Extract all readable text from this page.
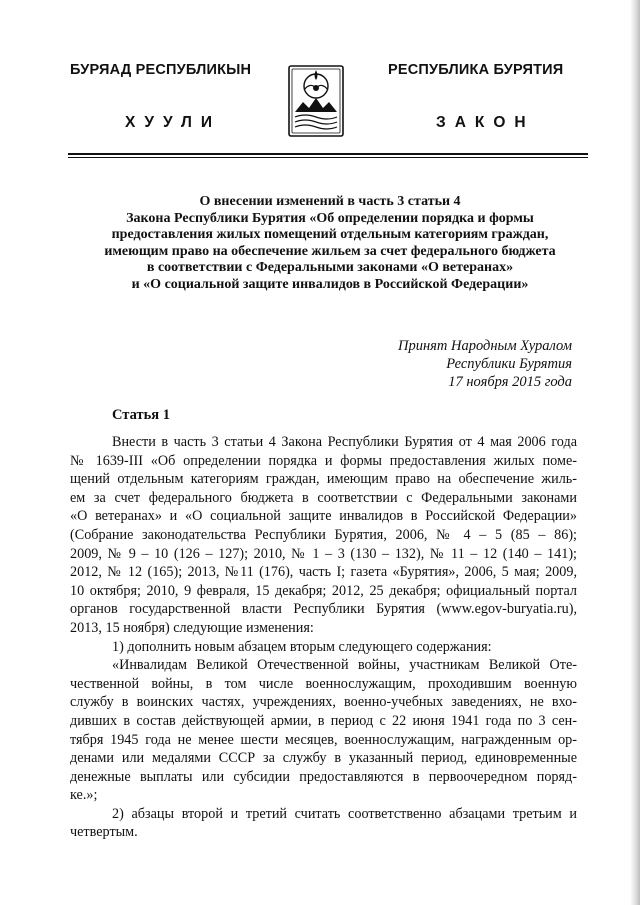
БУРЯАД РЕСПУБЛИКЫН	РЕСПУБЛИКА БУРЯТИЯ
ХУУЛИ	ЗАКОН
О внесении изменений в часть 3 статьи 4
Закона Республики Бурятия «Об определении порядка и формы
предоставления жилых помещений отдельным категориям граждан,
имеющим право на обеспечение жильем за счет федерального бюджета
в соответствии с Федеральными законами «О ветеранах»
и «О социальной защите инвалидов в Российской Федерации»
Принят Народным Хуралом
Республики Бурятия
17 ноября 2015 года
Статья 1
Внести в часть 3 статьи 4 Закона Республики Бурятия от 4 мая 2006 года
№ 1639-III «Об определении порядка и формы предоставления жилых поме-
щений отдельным категориям граждан, имеющим право на обеспечение жиль-
ем за счет федерального бюджета в соответствии с Федеральными законами
«О ветеранах» и «О социальной защите инвалидов в Российской Федерации»
(Собрание законодательства Республики Бурятия, 2006, № 4 – 5 (85 – 86);
2009, № 9 – 10 (126 – 127); 2010, № 1 – 3 (130 – 132), № 11 – 12 (140 – 141);
2012, № 12 (165); 2013, №11 (176), часть I; газета «Бурятия», 2006, 5 мая; 2009,
10 октября; 2010, 9 февраля, 15 декабря; 2012, 25 декабря; официальный портал
органов государственной власти Республики Бурятия (www.egov-buryatia.ru),
2013, 15 ноября) следующие изменения:
1) дополнить новым абзацем вторым следующего содержания:
«Инвалидам Великой Отечественной войны, участникам Великой Оте-
чественной войны, в том числе военнослужащим, проходившим военную
службу в воинских частях, учреждениях, военно-учебных заведениях, не вхо-
дивших в состав действующей армии, в период с 22 июня 1941 года по 3 сен-
тября 1945 года не менее шести месяцев, военнослужащим, награжденным ор-
денами или медалями СССР за службу в указанный период, единовременные
денежные выплаты или субсидии предоставляются в первоочередном поряд-
ке.»;
2) абзацы второй и третий считать соответственно абзацами третьим и
четвертым.
